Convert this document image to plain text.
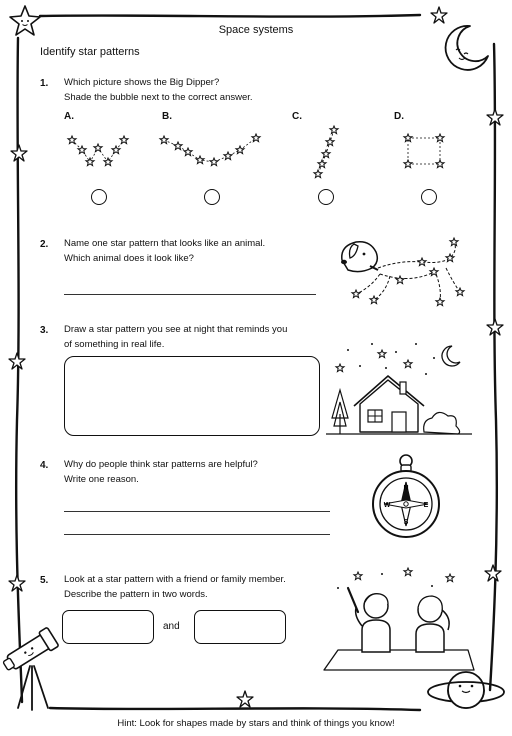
Space systems
Identify star patterns
1. Which picture shows the Big Dipper?
Shade the bubble next to the correct answer.
A.	B.	C.	D.
2. Name one star pattern that looks like an animal.
Which animal does it look like?
3. Draw a star pattern you see at night that reminds you
of something in real life.
4. Why do people think star patterns are helpful?
Write one reason.
N
S
E
W
5. Look at a star pattern with a friend or family member.
Describe the pattern in two words.
and
Hint: Look for shapes made by stars and think of things you know!
